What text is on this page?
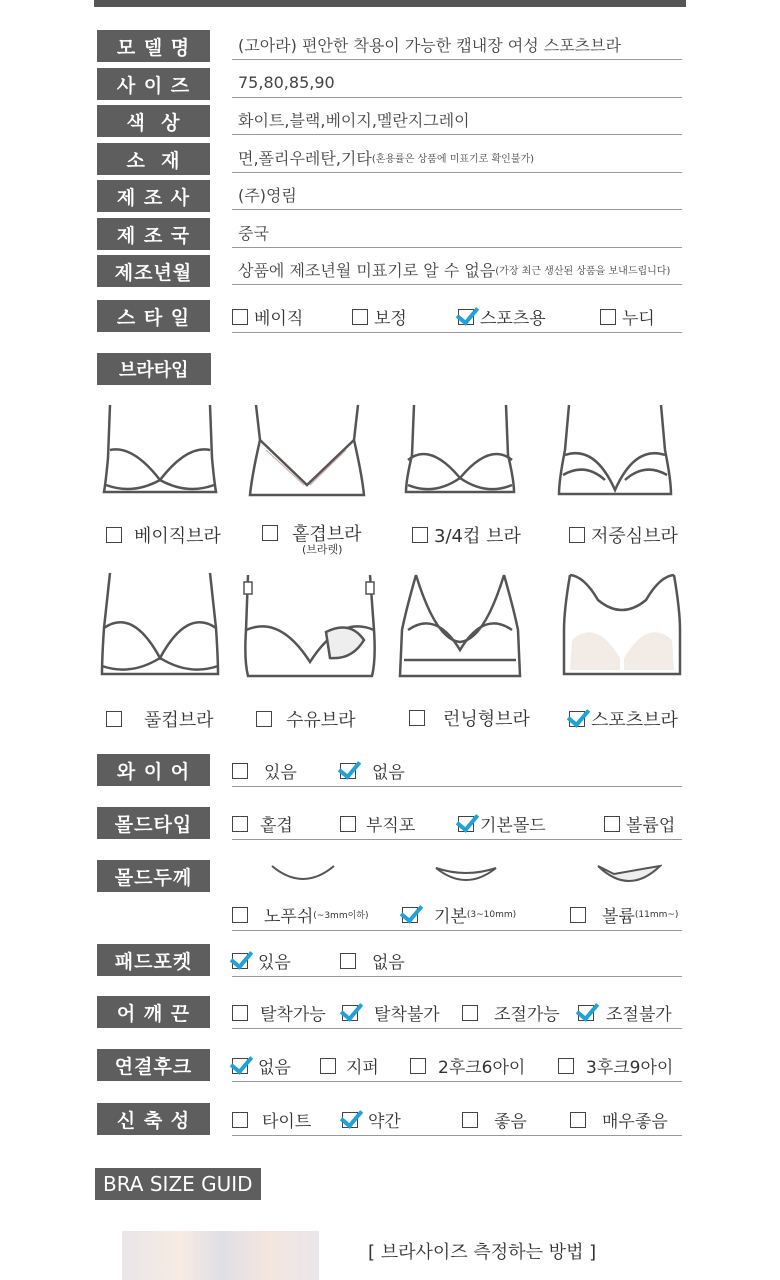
모 델 명	(고아라) 편안한 착용이 가능한 캡내장 여성 스포츠브라
사 이 즈	75,80,85,90
색  상	화이트,블랙,베이지,멜란지그레이
소  재	면,폴리우레탄,기타 (혼용률은 상품에 미표기로 확인불가)
제 조 사	(주)영림
제 조 국	중국
제조년월	상품에 제조년월 미표기로 알 수 없음 (가장 최근 생산된 상품을 보내드립니다)
스 타 일	베이직	보정	스포츠용	누디
브라타입
베이직브라	홑겹브라
(브라렛)
3/4컵 브라	저중심브라
풀컵브라	수유브라	런닝형브라	스포츠브라
와 이 어	있음	없음
몰드타입	홑겹	부직포	기본몰드	볼륨업
몰드두께
노푸쉬 (~3mm이하)	기본 (3~10mm)	볼륨 (11mm~)
패드포켓	있음	없음
어 깨 끈	탈착가능	탈착불가	조절가능	조절불가
연결후크	없음	지퍼	2후크6아이	3후크9아이
신 축 성	타이트	약간	좋음	매우좋음
BRA SIZE GUID
[ 브라사이즈 측정하는 방법 ]
